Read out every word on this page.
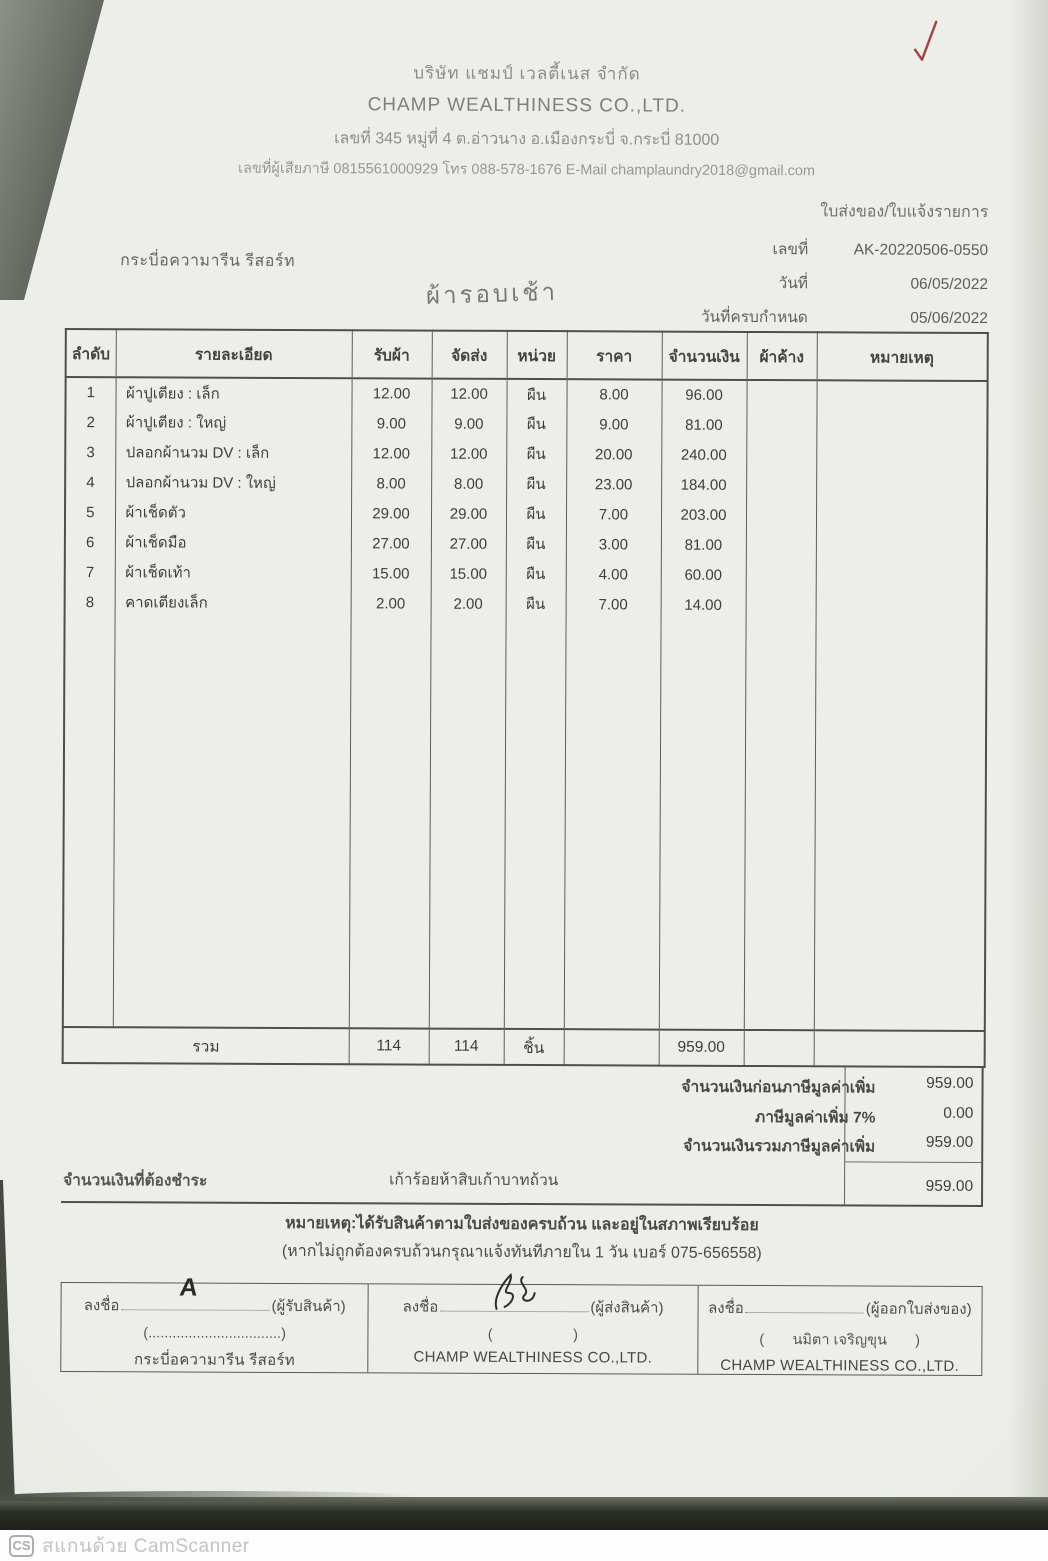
บริษัท แชมป์ เวลตี้เนส จำกัด
CHAMP WEALTHINESS CO.,LTD.
เลขที่ 345 หมู่ที่ 4 ต.อ่าวนาง อ.เมืองกระบี่ จ.กระบี่ 81000
เลขที่ผู้เสียภาษี 0815561000929 โทร 088-578-1676 E-Mail champlaundry2018@gmail.com
ใบส่งของ/ใบแจ้งรายการ
เลขที่	AK-20220506-0550
วันที่	06/05/2022
วันที่ครบกำหนด	05/06/2022
กระบี่อความารีน รีสอร์ท
ผ้ารอบเช้า
ลำดับ	รายละเอียด	รับผ้า	จัดส่ง	หน่วย	ราคา	จำนวนเงิน	ผ้าค้าง	หมายเหตุ
1	ผ้าปูเตียง : เล็ก	12.00	12.00	ผืน	8.00	96.00		
2	ผ้าปูเตียง : ใหญ่	9.00	9.00	ผืน	9.00	81.00		
3	ปลอกผ้านวม DV : เล็ก	12.00	12.00	ผืน	20.00	240.00		
4	ปลอกผ้านวม DV : ใหญ่	8.00	8.00	ผืน	23.00	184.00		
5	ผ้าเช็ดตัว	29.00	29.00	ผืน	7.00	203.00		
6	ผ้าเช็ดมือ	27.00	27.00	ผืน	3.00	81.00		
7	ผ้าเช็ดเท้า	15.00	15.00	ผืน	4.00	60.00		
8	คาดเตียงเล็ก	2.00	2.00	ผืน	7.00	14.00		

รวม		114	114	ชิ้น		959.00		
จำนวนเงินก่อนภาษีมูลค่าเพิ่ม	959.00
ภาษีมูลค่าเพิ่ม 7%	0.00
จำนวนเงินรวมภาษีมูลค่าเพิ่ม	959.00
จำนวนเงินที่ต้องชำระ	เก้าร้อยห้าสิบเก้าบาทถ้วน	959.00
หมายเหตุ:ได้รับสินค้าตามใบส่งของครบถ้วน และอยู่ในสภาพเรียบร้อย
(หากไม่ถูกต้องครบถ้วนกรุณาแจ้งทันทีภายใน 1 วัน เบอร์ 075-656558)
ลงชื่อ
A
(ผู้รับสินค้า)
(.................................)
กระบี่อความารีน รีสอร์ท
ลงชื่อ	(ผู้ส่งสินค้า)
(                    )
CHAMP WEALTHINESS CO.,LTD.
ลงชื่อ	(ผู้ออกใบส่งของ)
(       นมิตา เจริญขุน       )
CHAMP WEALTHINESS CO.,LTD.
CS สแกนด้วย CamScanner
